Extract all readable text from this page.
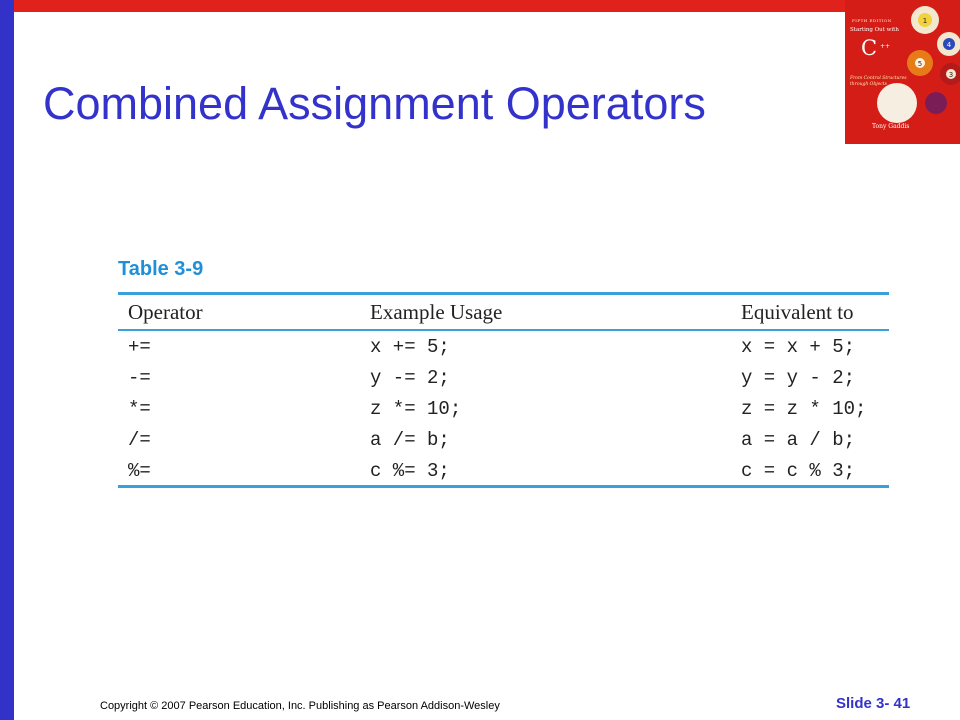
Combined Assignment Operators
1
5
4
3
FIFTH EDITION
Starting Out with
C ++
From Control Structures through Objects
Tony Gaddis
Table 3-9
Operator	Example Usage	Equivalent to
+=	x += 5;	x = x + 5;
-=	y -= 2;	y = y - 2;
*=	z *= 10;	z = z * 10;
/=	a /= b;	a = a / b;
%=	c %= 3;	c = c % 3;
Copyright © 2007 Pearson Education, Inc. Publishing as Pearson Addison-Wesley	Slide 3- 41
